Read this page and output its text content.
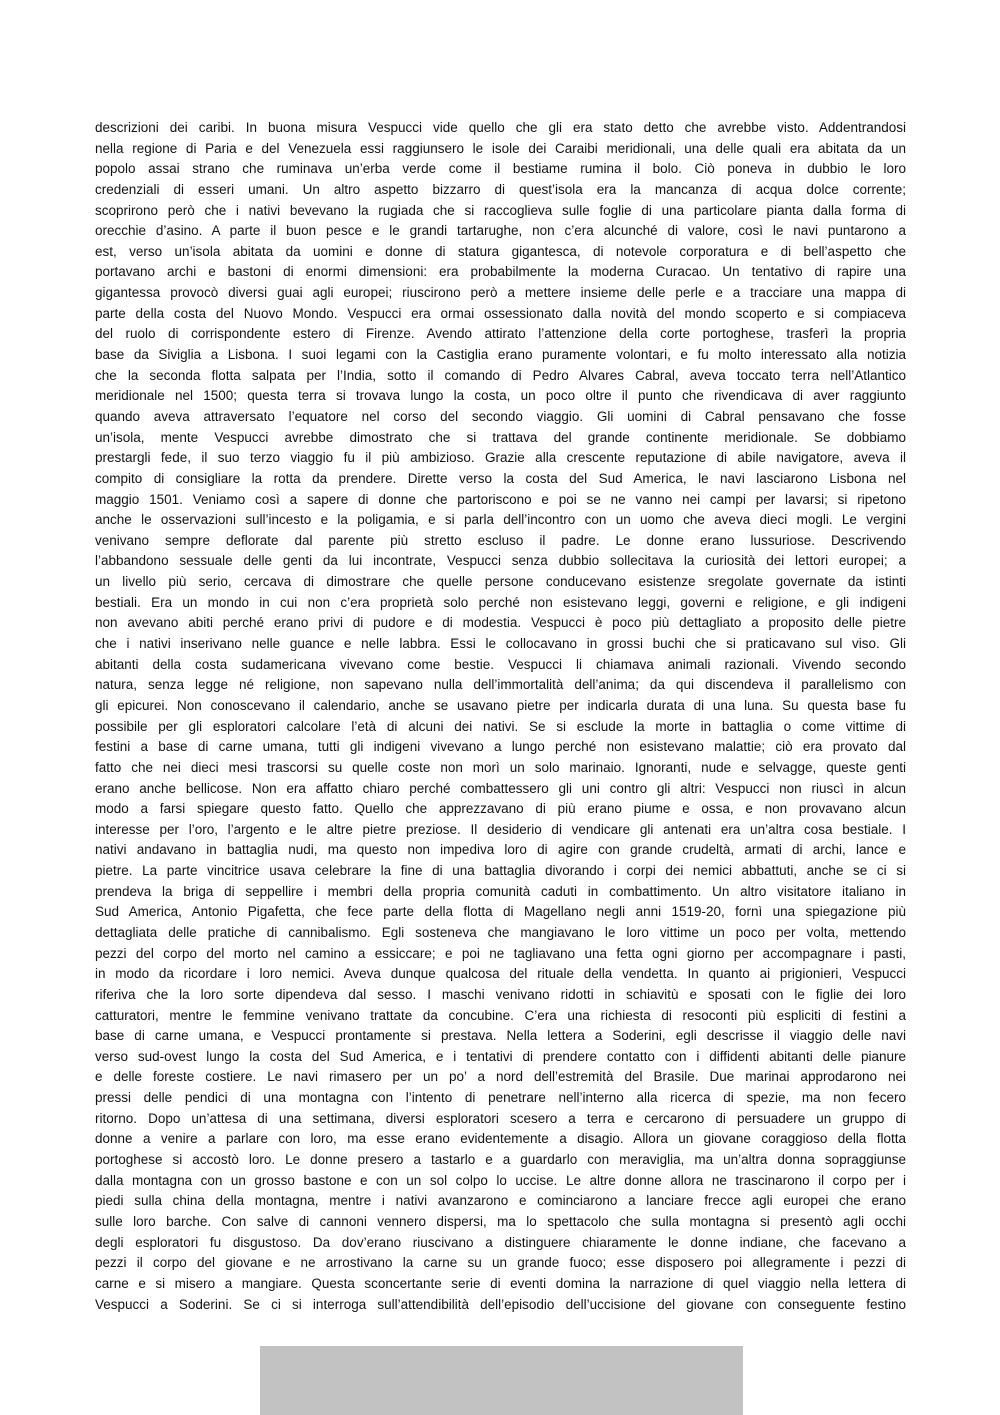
descrizioni dei caribi. In buona misura Vespucci vide quello che gli era stato detto che avrebbe visto. Addentrandosi
nella regione di Paria e del Venezuela essi raggiunsero le isole dei Caraibi meridionali, una delle quali era abitata da un
popolo assai strano che ruminava un’erba verde come il bestiame rumina il bolo. Ciò poneva in dubbio le loro
credenziali di esseri umani. Un altro aspetto bizzarro di quest’isola era la mancanza di acqua dolce corrente;
scoprirono però che i nativi bevevano la rugiada che si raccoglieva sulle foglie di una particolare pianta dalla forma di
orecchie d’asino. A parte il buon pesce e le grandi tartarughe, non c’era alcunché di valore, così le navi puntarono a
est, verso un’isola abitata da uomini e donne di statura gigantesca, di notevole corporatura e di bell’aspetto che
portavano archi e bastoni di enormi dimensioni: era probabilmente la moderna Curacao. Un tentativo di rapire una
gigantessa provocò diversi guai agli europei; riuscirono però a mettere insieme delle perle e a tracciare una mappa di
parte della costa del Nuovo Mondo. Vespucci era ormai ossessionato dalla novità del mondo scoperto e si compiaceva
del ruolo di corrispondente estero di Firenze. Avendo attirato l’attenzione della corte portoghese, trasferì la propria
base da Siviglia a Lisbona. I suoi legami con la Castiglia erano puramente volontari, e fu molto interessato alla notizia
che la seconda flotta salpata per l’India, sotto il comando di Pedro Alvares Cabral, aveva toccato terra nell’Atlantico
meridionale nel 1500; questa terra si trovava lungo la costa, un poco oltre il punto che rivendicava di aver raggiunto
quando aveva attraversato l’equatore nel corso del secondo viaggio. Gli uomini di Cabral pensavano che fosse
un’isola, mente Vespucci avrebbe dimostrato che si trattava del grande continente meridionale. Se dobbiamo
prestargli fede, il suo terzo viaggio fu il più ambizioso. Grazie alla crescente reputazione di abile navigatore, aveva il
compito di consigliare la rotta da prendere. Dirette verso la costa del Sud America, le navi lasciarono Lisbona nel
maggio 1501. Veniamo così a sapere di donne che partoriscono e poi se ne vanno nei campi per lavarsi; si ripetono
anche le osservazioni sull’incesto e la poligamia, e si parla dell’incontro con un uomo che aveva dieci mogli. Le vergini
venivano sempre deflorate dal parente più stretto escluso il padre. Le donne erano lussuriose. Descrivendo
l’abbandono sessuale delle genti da lui incontrate, Vespucci senza dubbio sollecitava la curiosità dei lettori europei; a
un livello più serio, cercava di dimostrare che quelle persone conducevano esistenze sregolate governate da istinti
bestiali. Era un mondo in cui non c’era proprietà solo perché non esistevano leggi, governi e religione, e gli indigeni
non avevano abiti perché erano privi di pudore e di modestia. Vespucci è poco più dettagliato a proposito delle pietre
che i nativi inserivano nelle guance e nelle labbra. Essi le collocavano in grossi buchi che si praticavano sul viso. Gli
abitanti della costa sudamericana vivevano come bestie. Vespucci li chiamava animali razionali. Vivendo secondo
natura, senza legge né religione, non sapevano nulla dell’immortalità dell’anima; da qui discendeva il parallelismo con
gli epicurei. Non conoscevano il calendario, anche se usavano pietre per indicarla durata di una luna. Su questa base fu
possibile per gli esploratori calcolare l’età di alcuni dei nativi. Se si esclude la morte in battaglia o come vittime di
festini a base di carne umana, tutti gli indigeni vivevano a lungo perché non esistevano malattie; ciò era provato dal
fatto che nei dieci mesi trascorsi su quelle coste non morì un solo marinaio. Ignoranti, nude e selvagge, queste genti
erano anche bellicose. Non era affatto chiaro perché combattessero gli uni contro gli altri: Vespucci non riuscì in alcun
modo a farsi spiegare questo fatto. Quello che apprezzavano di più erano piume e ossa, e non provavano alcun
interesse per l’oro, l’argento e le altre pietre preziose. Il desiderio di vendicare gli antenati era un’altra cosa bestiale. I
nativi andavano in battaglia nudi, ma questo non impediva loro di agire con grande crudeltà, armati di archi, lance e
pietre. La parte vincitrice usava celebrare la fine di una battaglia divorando i corpi dei nemici abbattuti, anche se ci si
prendeva la briga di seppellire i membri della propria comunità caduti in combattimento. Un altro visitatore italiano in
Sud America, Antonio Pigafetta, che fece parte della flotta di Magellano negli anni 1519-20, fornì una spiegazione più
dettagliata delle pratiche di cannibalismo. Egli sosteneva che mangiavano le loro vittime un poco per volta, mettendo
pezzi del corpo del morto nel camino a essiccare; e poi ne tagliavano una fetta ogni giorno per accompagnare i pasti,
in modo da ricordare i loro nemici. Aveva dunque qualcosa del rituale della vendetta. In quanto ai prigionieri, Vespucci
riferiva che la loro sorte dipendeva dal sesso. I maschi venivano ridotti in schiavitù e sposati con le figlie dei loro
catturatori, mentre le femmine venivano trattate da concubine. C’era una richiesta di resoconti più espliciti di festini a
base di carne umana, e Vespucci prontamente si prestava. Nella lettera a Soderini, egli descrisse il viaggio delle navi
verso sud-ovest lungo la costa del Sud America, e i tentativi di prendere contatto con i diffidenti abitanti delle pianure
e delle foreste costiere. Le navi rimasero per un po’ a nord dell’estremità del Brasile. Due marinai approdarono nei
pressi delle pendici di una montagna con l’intento di penetrare nell’interno alla ricerca di spezie, ma non fecero
ritorno. Dopo un’attesa di una settimana, diversi esploratori scesero a terra e cercarono di persuadere un gruppo di
donne a venire a parlare con loro, ma esse erano evidentemente a disagio. Allora un giovane coraggioso della flotta
portoghese si accostò loro. Le donne presero a tastarlo e a guardarlo con meraviglia, ma un’altra donna sopraggiunse
dalla montagna con un grosso bastone e con un sol colpo lo uccise. Le altre donne allora ne trascinarono il corpo per i
piedi sulla china della montagna, mentre i nativi avanzarono e cominciarono a lanciare frecce agli europei che erano
sulle loro barche. Con salve di cannoni vennero dispersi, ma lo spettacolo che sulla montagna si presentò agli occhi
degli esploratori fu disgustoso. Da dov’erano riuscivano a distinguere chiaramente le donne indiane, che facevano a
pezzi il corpo del giovane e ne arrostivano la carne su un grande fuoco; esse disposero poi allegramente i pezzi di
carne e si misero a mangiare. Questa sconcertante serie di eventi domina la narrazione di quel viaggio nella lettera di
Vespucci a Soderini. Se ci si interroga sull’attendibilità dell’episodio dell’uccisione del giovane con conseguente festino
